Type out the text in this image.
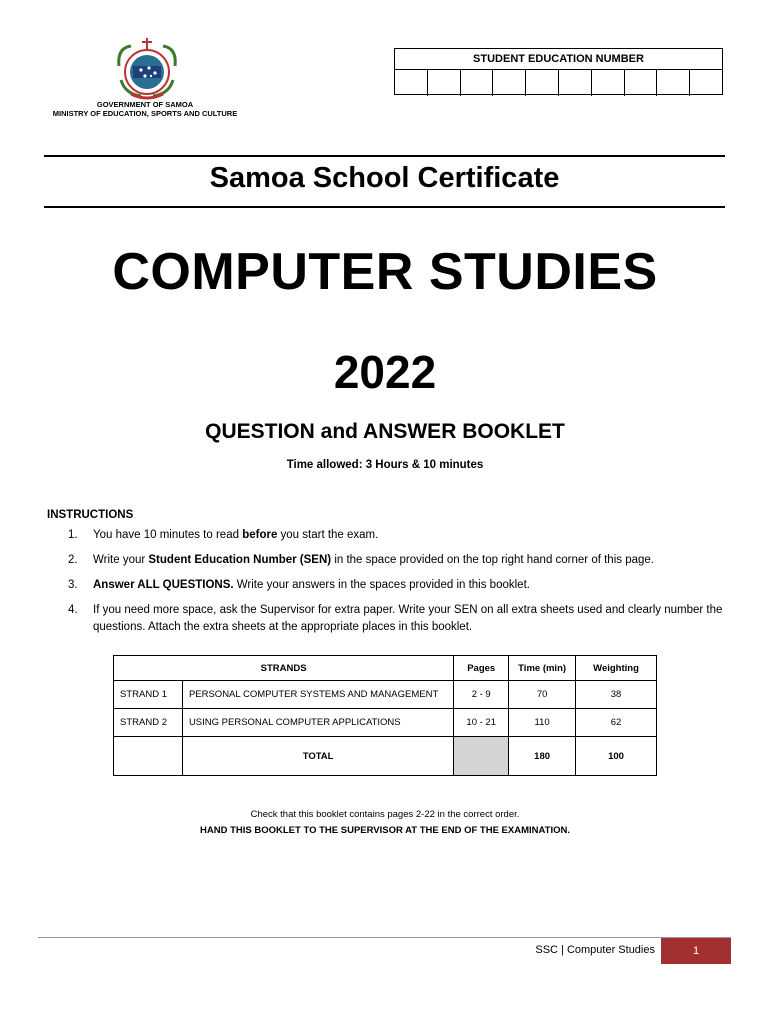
GOVERNMENT OF SAMOA
MINISTRY OF EDUCATION, SPORTS AND CULTURE
STUDENT EDUCATION NUMBER
Samoa School Certificate
COMPUTER STUDIES
2022
QUESTION and ANSWER BOOKLET
Time allowed: 3 Hours & 10 minutes
INSTRUCTIONS
1. You have 10 minutes to read before you start the exam.
2. Write your Student Education Number (SEN) in the space provided on the top right hand corner of this page.
3. Answer ALL QUESTIONS. Write your answers in the spaces provided in this booklet.
4. If you need more space, ask the Supervisor for extra paper. Write your SEN on all extra sheets used and clearly number the questions. Attach the extra sheets at the appropriate places in this booklet.
STRANDS		Pages	Time (min)	Weighting
STRAND 1	PERSONAL COMPUTER SYSTEMS AND MANAGEMENT	2 - 9	70	38
STRAND 2	USING PERSONAL COMPUTER APPLICATIONS	10 - 21	110	62
	TOTAL		180	100
Check that this booklet contains pages 2-22 in the correct order.
HAND THIS BOOKLET TO THE SUPERVISOR AT THE END OF THE EXAMINATION.
SSC | Computer Studies	1
